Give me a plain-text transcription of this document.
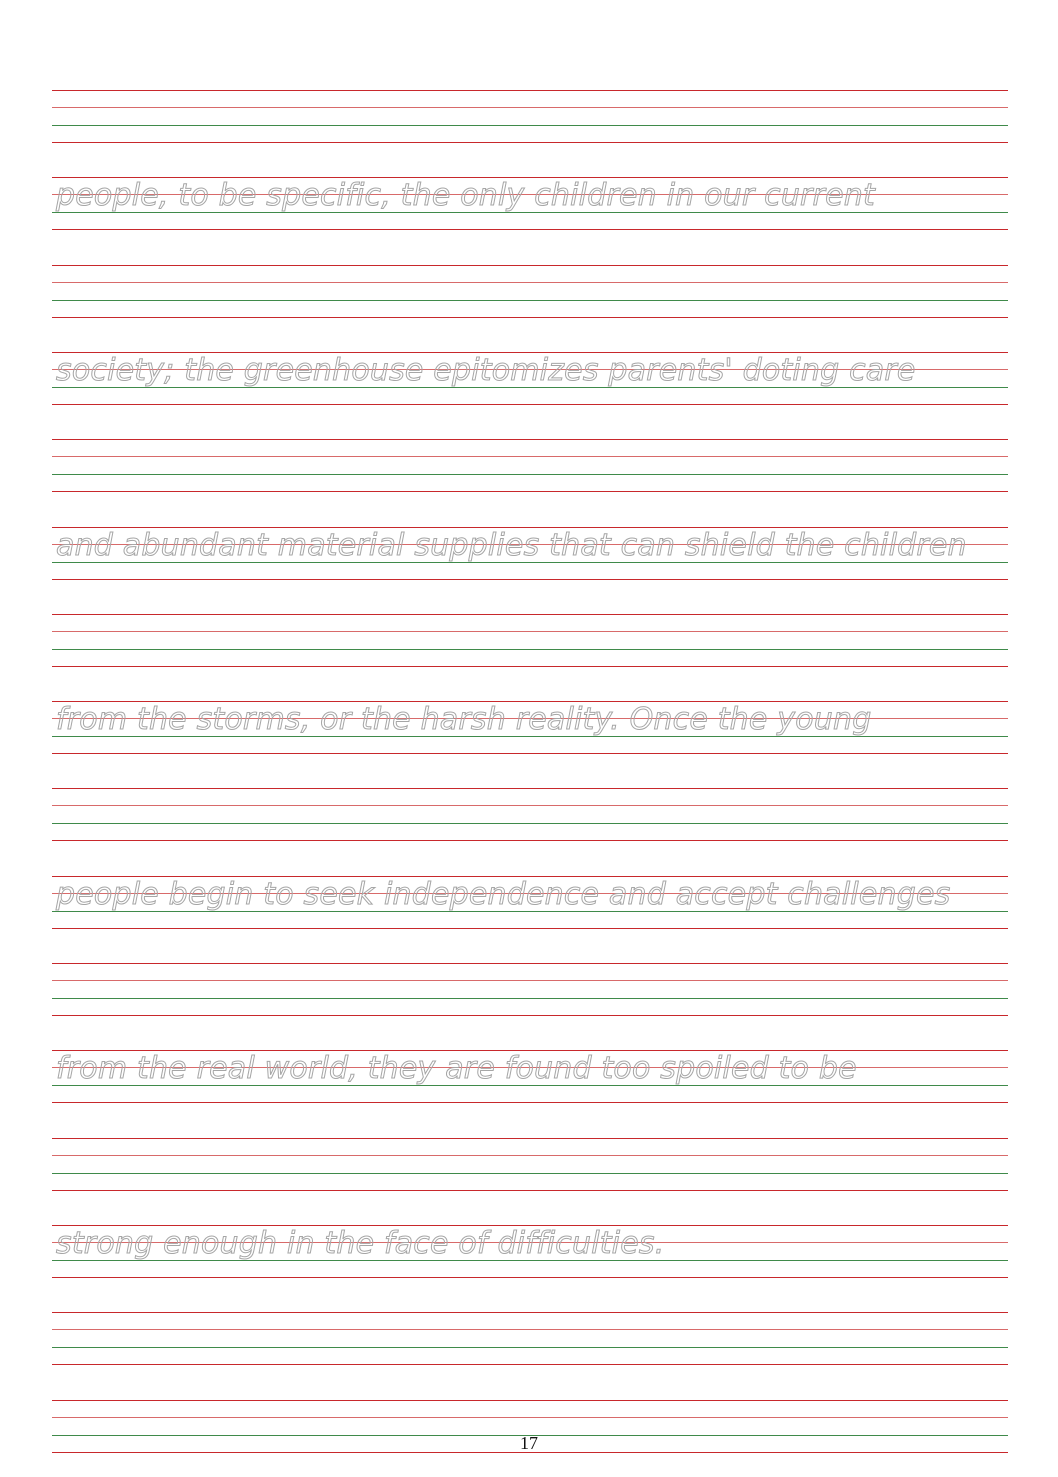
people, to be specific, the only children in our current
society; the greenhouse epitomizes parents' doting care
and abundant material supplies that can shield the children
from the storms, or the harsh reality. Once the young
people begin to seek independence and accept challenges
from the real world, they are found too spoiled to be
strong enough in the face of difficulties.
17
